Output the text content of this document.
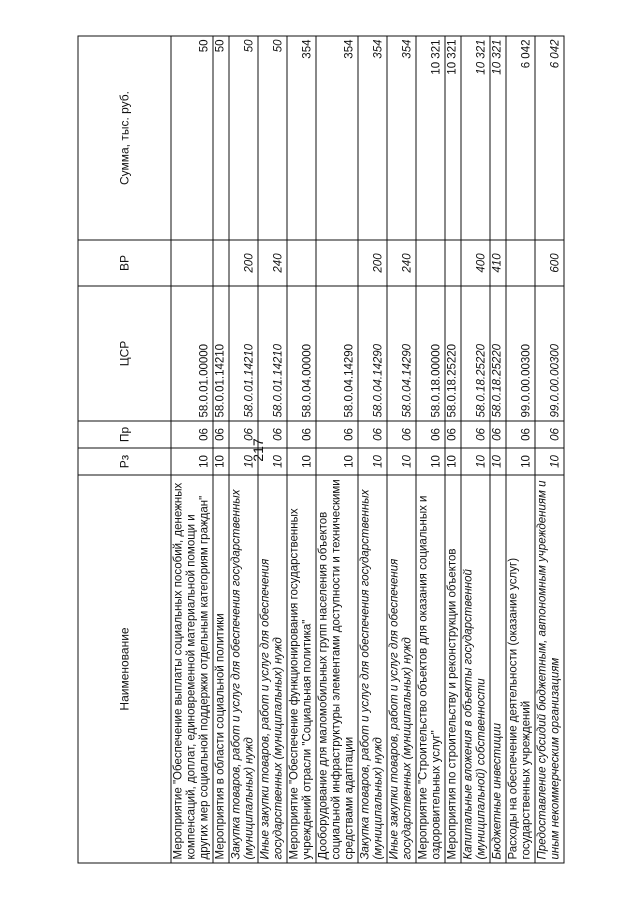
217
Наименование	Рз	Пр	ЦСР	ВР	Сумма, тыс. руб.
Мероприятие "Обеспечение выплаты социальных пособий, денежных компенсаций, доплат, единовременной материальной помощи и других мер социальной поддержки отдельным категориям граждан"	10	06	58.0.01.00000		50
Мероприятия в области социальной политики	10	06	58.0.01.14210		50
Закупка товаров, работ и услуг для обеспечения государственных (муниципальных) нужд	10	06	58.0.01.14210	200	50
Иные закупки товаров, работ и услуг для обеспечения государственных (муниципальных) нужд	10	06	58.0.01.14210	240	50
Мероприятие "Обеспечение функционирования государственных учреждений отрасли "Социальная политика"	10	06	58.0.04.00000		354
Дооборудование для маломобильных групп населения объектов социальной инфраструктуры элементами доступности и техническими средствами адаптации	10	06	58.0.04.14290		354
Закупка товаров, работ и услуг для обеспечения государственных (муниципальных) нужд	10	06	58.0.04.14290	200	354
Иные закупки товаров, работ и услуг для обеспечения государственных (муниципальных) нужд	10	06	58.0.04.14290	240	354
Мероприятие "Строительство объектов для оказания социальных и оздоровительных услуг"	10	06	58.0.18.00000		10 321
Мероприятия по строительству и реконструкции объектов	10	06	58.0.18.25220		10 321
Капитальные вложения в объекты государственной (муниципальной) собственности	10	06	58.0.18.25220	400	10 321
Бюджетные инвестиции	10	06	58.0.18.25220	410	10 321
Расходы на обеспечение деятельности (оказание услуг) государственных учреждений	10	06	99.0.00.00300		6 042
Предоставление субсидий бюджетным, автономным учреждениям и иным некоммерческим организациям	10	06	99.0.00.00300	600	6 042
